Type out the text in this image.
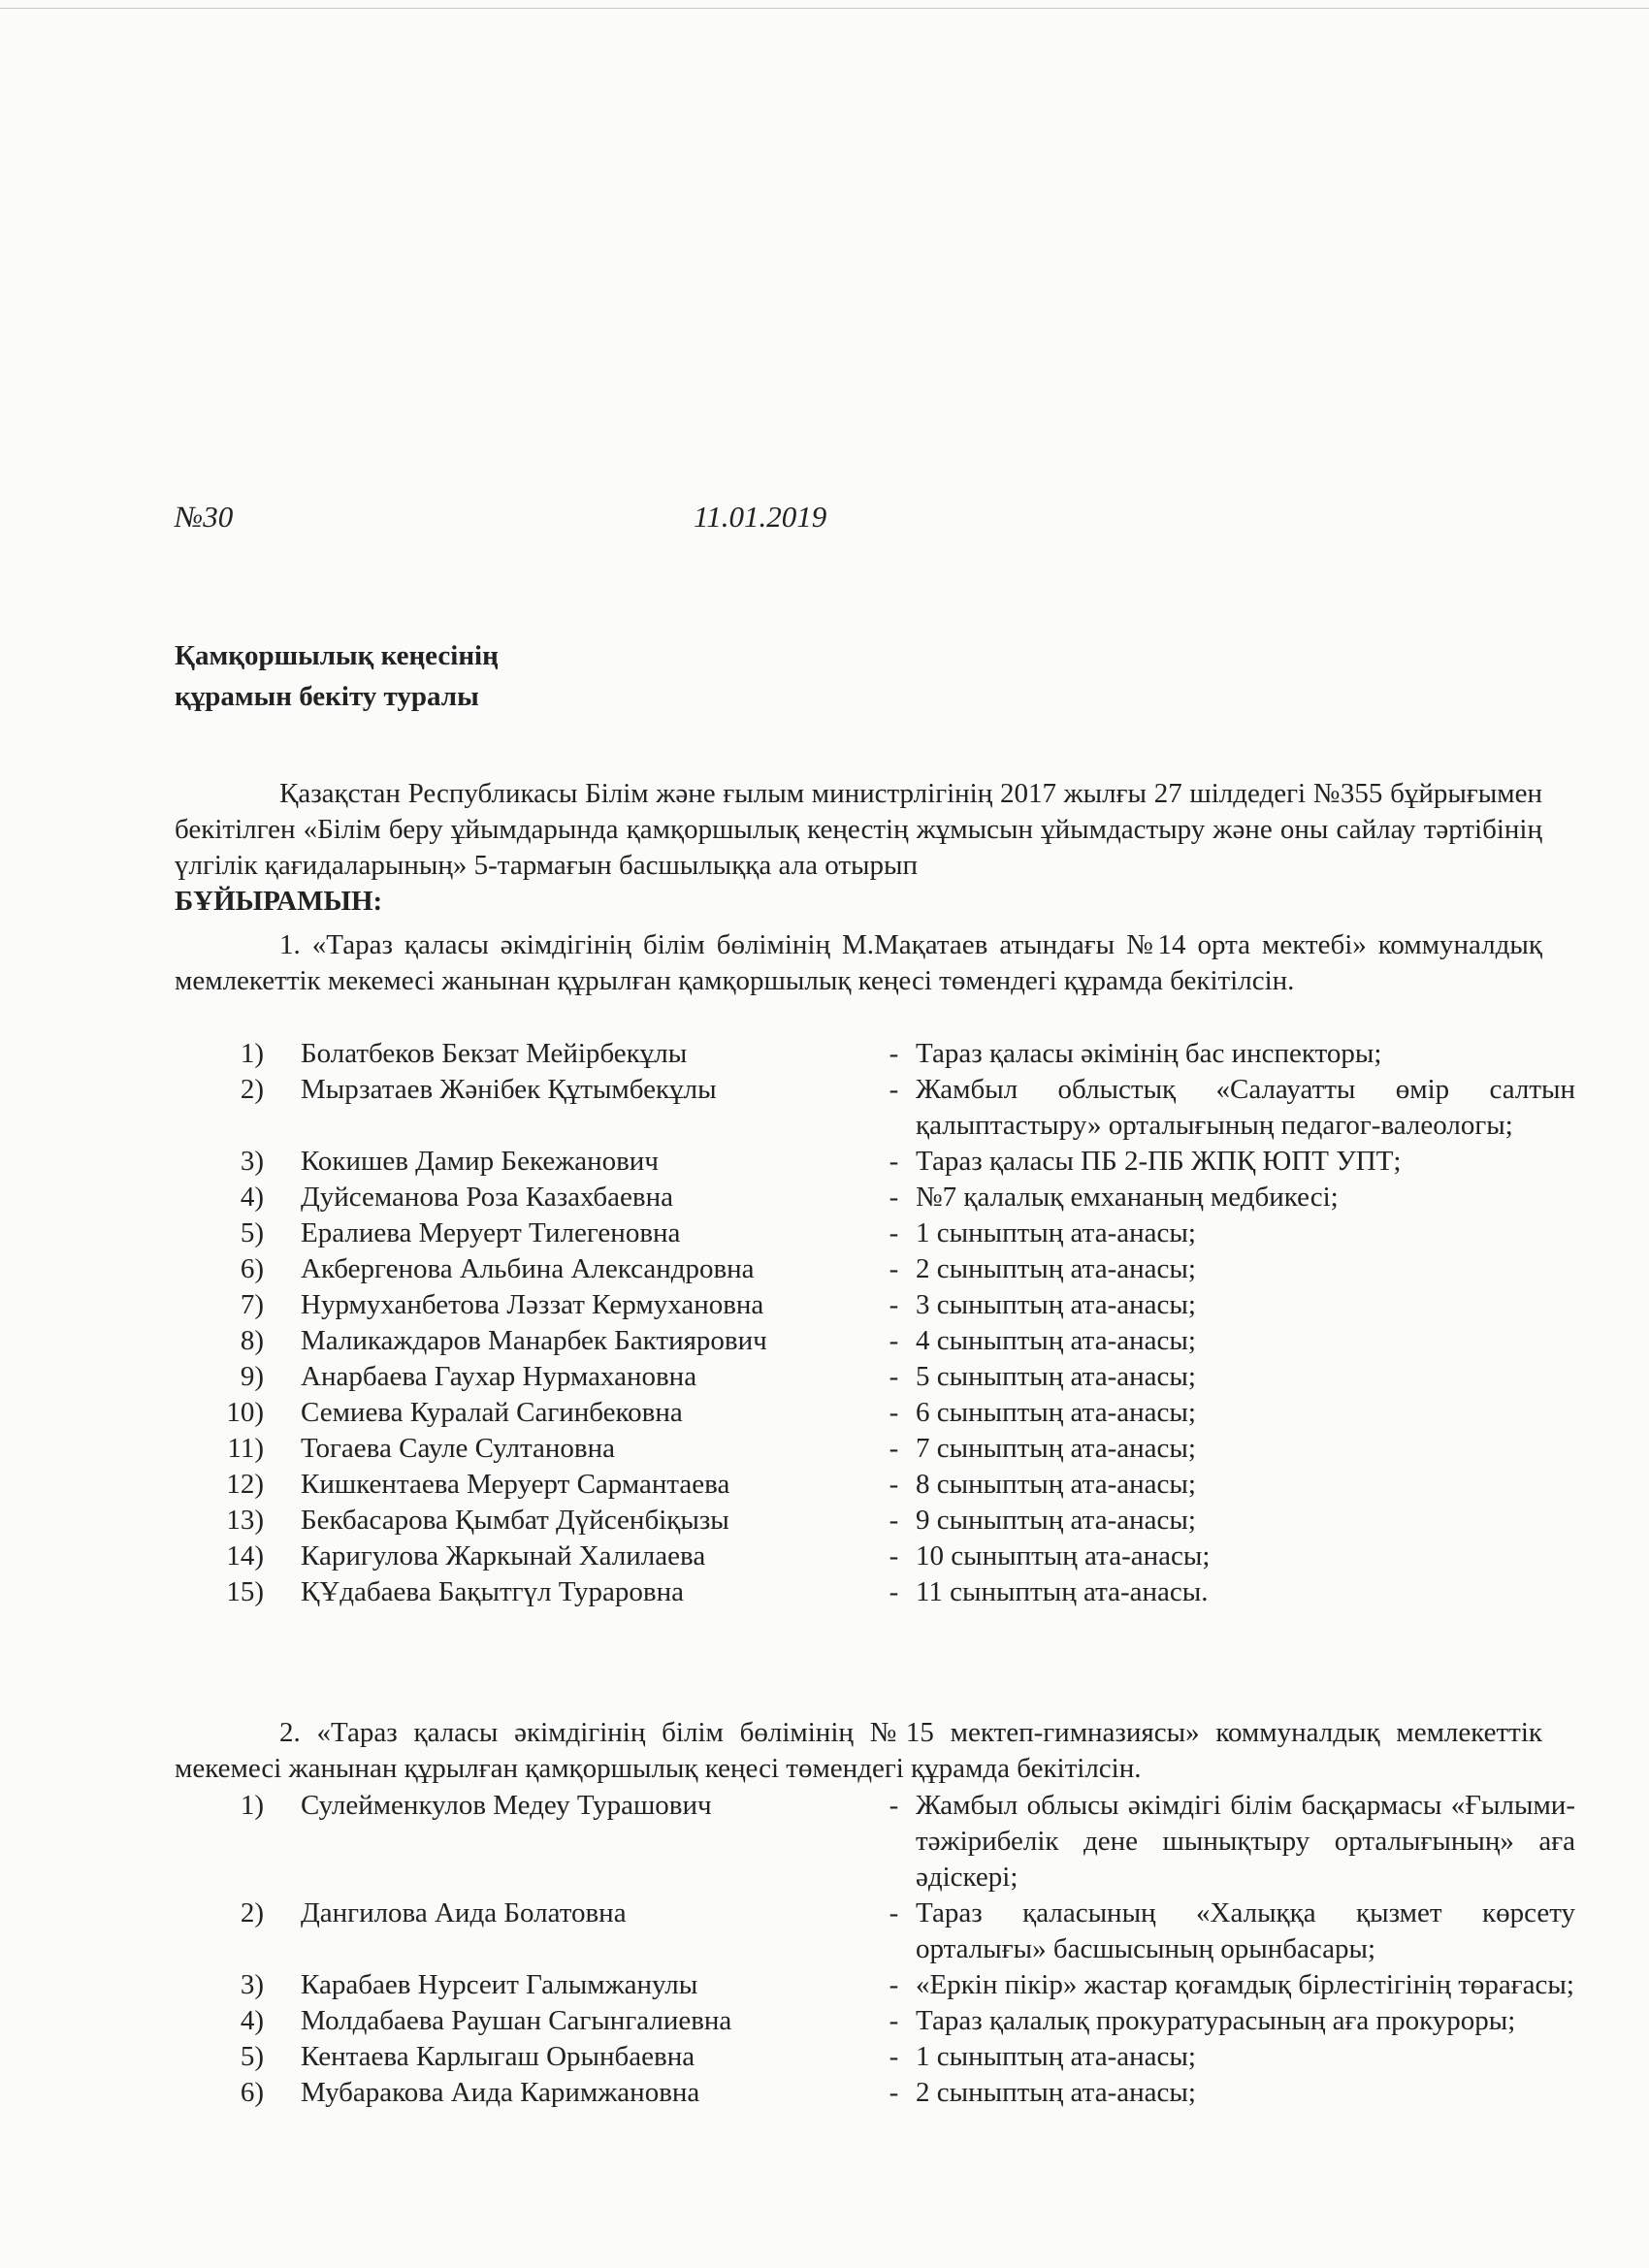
№30	11.01.2019
Қамқоршылық кеңесінің
құрамын бекіту туралы
Қазақстан Республикасы Білім және ғылым министрлігінің 2017 жылғы 27 шілдедегі №355 бұйрығымен бекітілген «Білім беру ұйымдарында қамқоршылық кеңестің жұмысын ұйымдастыру және оны сайлау тәртібінің үлгілік қағидаларының» 5-тармағын басшылыққа ала отырып
БҰЙЫРАМЫН:
1. «Тараз қаласы әкімдігінің білім бөлімінің М.Мақатаев атындағы №14 орта мектебі» коммуналдық мемлекеттік мекемесі жанынан құрылған қамқоршылық кеңесі төмендегі құрамда бекітілсін.
1)	Болатбеков Бекзат Мейірбекұлы	- Тараз қаласы әкімінің бас инспекторы;
2)	Мырзатаев Жәнібек Құтымбекұлы	- Жамбыл облыстық «Салауатты өмір салтын қалыптастыру» орталығының педагог-валеологы;
3)	Кокишев Дамир Бекежанович	- Тараз қаласы ПБ 2-ПБ ЖПҚ ЮПТ УПТ;
4)	Дуйсеманова Роза Казахбаевна	- №7 қалалық емхананың медбикесі;
5)	Ералиева Меруерт Тилегеновна	- 1 сыныптың ата-анасы;
6)	Акбергенова Альбина Александровна	- 2 сыныптың ата-анасы;
7)	Нурмуханбетова Ләззат Кермухановна	- 3 сыныптың ата-анасы;
8)	Маликаждаров Манарбек Бактиярович	- 4 сыныптың ата-анасы;
9)	Анарбаева Гаухар Нурмахановна	- 5 сыныптың ата-анасы;
10)	Семиева Куралай Сагинбековна	- 6 сыныптың ата-анасы;
11)	Тогаева Сауле Султановна	- 7 сыныптың ата-анасы;
12)	Кишкентаева Меруерт Сармантаева	- 8 сыныптың ата-анасы;
13)	Бекбасарова Қымбат Дүйсенбіқызы	- 9 сыныптың ата-анасы;
14)	Каригулова Жаркынай Халилаева	- 10 сыныптың ата-анасы;
15)	ҚҰдабаева Бақытгүл Тураровна	- 11 сыныптың ата-анасы.
2. «Тараз қаласы әкімдігінің білім бөлімінің №15 мектеп-гимназиясы» коммуналдық мемлекеттік мекемесі жанынан құрылған қамқоршылық кеңесі төмендегі құрамда бекітілсін.
1)	Сулейменкулов Медеу Турашович	- Жамбыл облысы әкімдігі білім басқармасы «Ғылыми-тәжірибелік дене шынықтыру орталығының» аға әдіскері;
2)	Дангилова Аида Болатовна	- Тараз қаласының «Халыққа қызмет көрсету орталығы» басшысының орынбасары;
3)	Карабаев Нурсеит Галымжанулы	- «Еркін пікір» жастар қоғамдық бірлестігінің төрағасы;
4)	Молдабаева Раушан Сагынгалиевна	- Тараз қалалық прокуратурасының аға прокуроры;
5)	Кентаева Карлыгаш Орынбаевна	- 1 сыныптың ата-анасы;
6)	Мубаракова Аида Каримжановна	- 2 сыныптың ата-анасы;
